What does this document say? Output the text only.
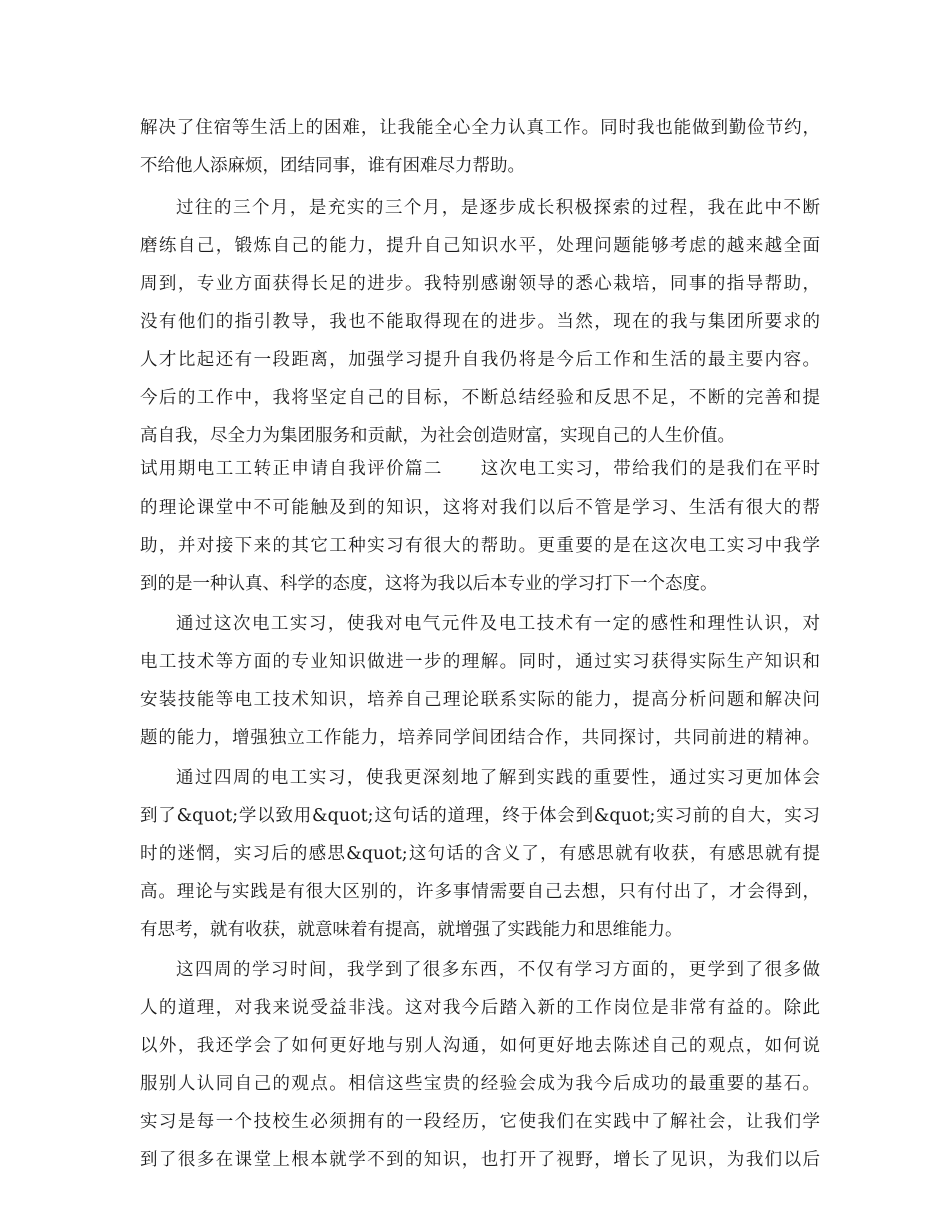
解决了住宿等生活上的困难，让我能全心全力认真工作。同时我也能做到勤俭节约，
不给他人添麻烦，团结同事，谁有困难尽力帮助。
过往的三个月，是充实的三个月，是逐步成长积极探索的过程，我在此中不断
磨练自己，锻炼自己的能力，提升自己知识水平，处理问题能够考虑的越来越全面
周到，专业方面获得长足的进步。我特别感谢领导的悉心栽培，同事的指导帮助，
没有他们的指引教导，我也不能取得现在的进步。当然，现在的我与集团所要求的
人才比起还有一段距离，加强学习提升自我仍将是今后工作和生活的最主要内容。
今后的工作中，我将坚定自己的目标，不断总结经验和反思不足，不断的完善和提
高自我，尽全力为集团服务和贡献，为社会创造财富，实现自己的人生价值。
试用期电工工转正申请自我评价篇二　　这次电工实习，带给我们的是我们在平时
的理论课堂中不可能触及到的知识，这将对我们以后不管是学习、生活有很大的帮
助，并对接下来的其它工种实习有很大的帮助。更重要的是在这次电工实习中我学
到的是一种认真、科学的态度，这将为我以后本专业的学习打下一个态度。
通过这次电工实习，使我对电气元件及电工技术有一定的感性和理性认识，对
电工技术等方面的专业知识做进一步的理解。同时，通过实习获得实际生产知识和
安装技能等电工技术知识，培养自己理论联系实际的能力，提高分析问题和解决问
题的能力，增强独立工作能力，培养同学间团结合作，共同探讨，共同前进的精神。
通过四周的电工实习，使我更深刻地了解到实践的重要性，通过实习更加体会
到了&quot;学以致用&quot;这句话的道理，终于体会到&quot;实习前的自大，实习
时的迷惘，实习后的感思&quot;这句话的含义了，有感思就有收获，有感思就有提
高。理论与实践是有很大区别的，许多事情需要自己去想，只有付出了，才会得到，
有思考，就有收获，就意味着有提高，就增强了实践能力和思维能力。
这四周的学习时间，我学到了很多东西，不仅有学习方面的，更学到了很多做
人的道理，对我来说受益非浅。这对我今后踏入新的工作岗位是非常有益的。除此
以外，我还学会了如何更好地与别人沟通，如何更好地去陈述自己的观点，如何说
服别人认同自己的观点。相信这些宝贵的经验会成为我今后成功的最重要的基石。
实习是每一个技校生必须拥有的一段经历，它使我们在实践中了解社会，让我们学
到了很多在课堂上根本就学不到的知识，也打开了视野，增长了见识，为我们以后
